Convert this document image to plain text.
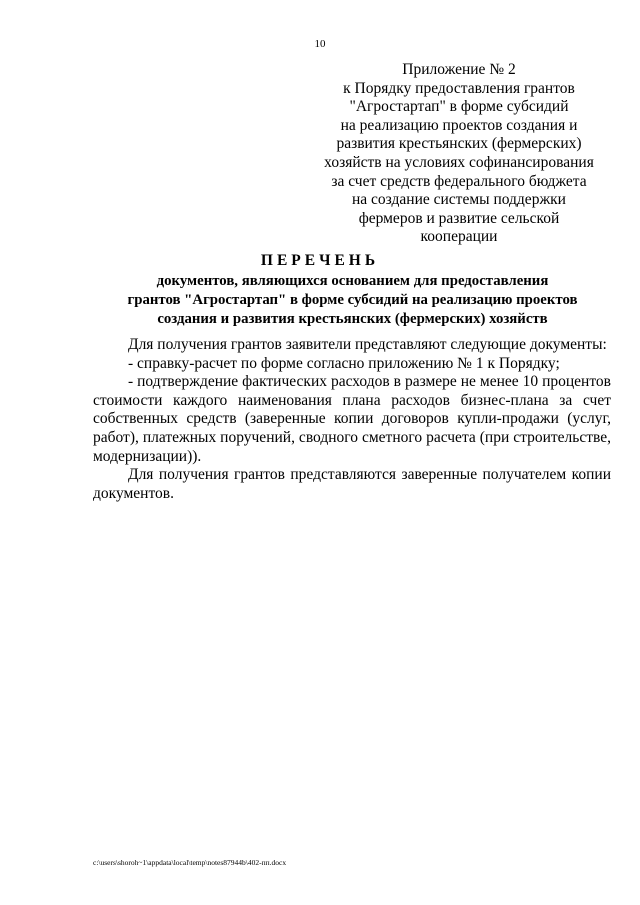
10
Приложение № 2
к Порядку предоставления грантов
"Агростартап" в форме субсидий
на реализацию проектов создания и
развития крестьянских (фермерских)
хозяйств на условиях софинансирования
за счет средств федерального бюджета
на создание системы поддержки
фермеров и развитие сельской
кооперации
ПЕРЕЧЕНЬ
документов, являющихся основанием для предоставления
грантов "Агростартап" в форме субсидий на реализацию проектов
создания и развития крестьянских (фермерских) хозяйств

Для получения грантов заявители представляют следующие документы:

- справку-расчет по форме согласно приложению № 1 к Порядку;

- подтверждение фактических расходов в размере не менее 10 процентов стоимости каждого наименования плана расходов бизнес-плана за счет собственных средств (заверенные копии договоров купли-продажи (услуг, работ), платежных поручений, сводного сметного расчета (при строительстве, модернизации)).

Для получения грантов представляются заверенные получателем копии документов.

c:\users\shoroh~1\appdata\local\temp\notes87944b\402-пп.docx
